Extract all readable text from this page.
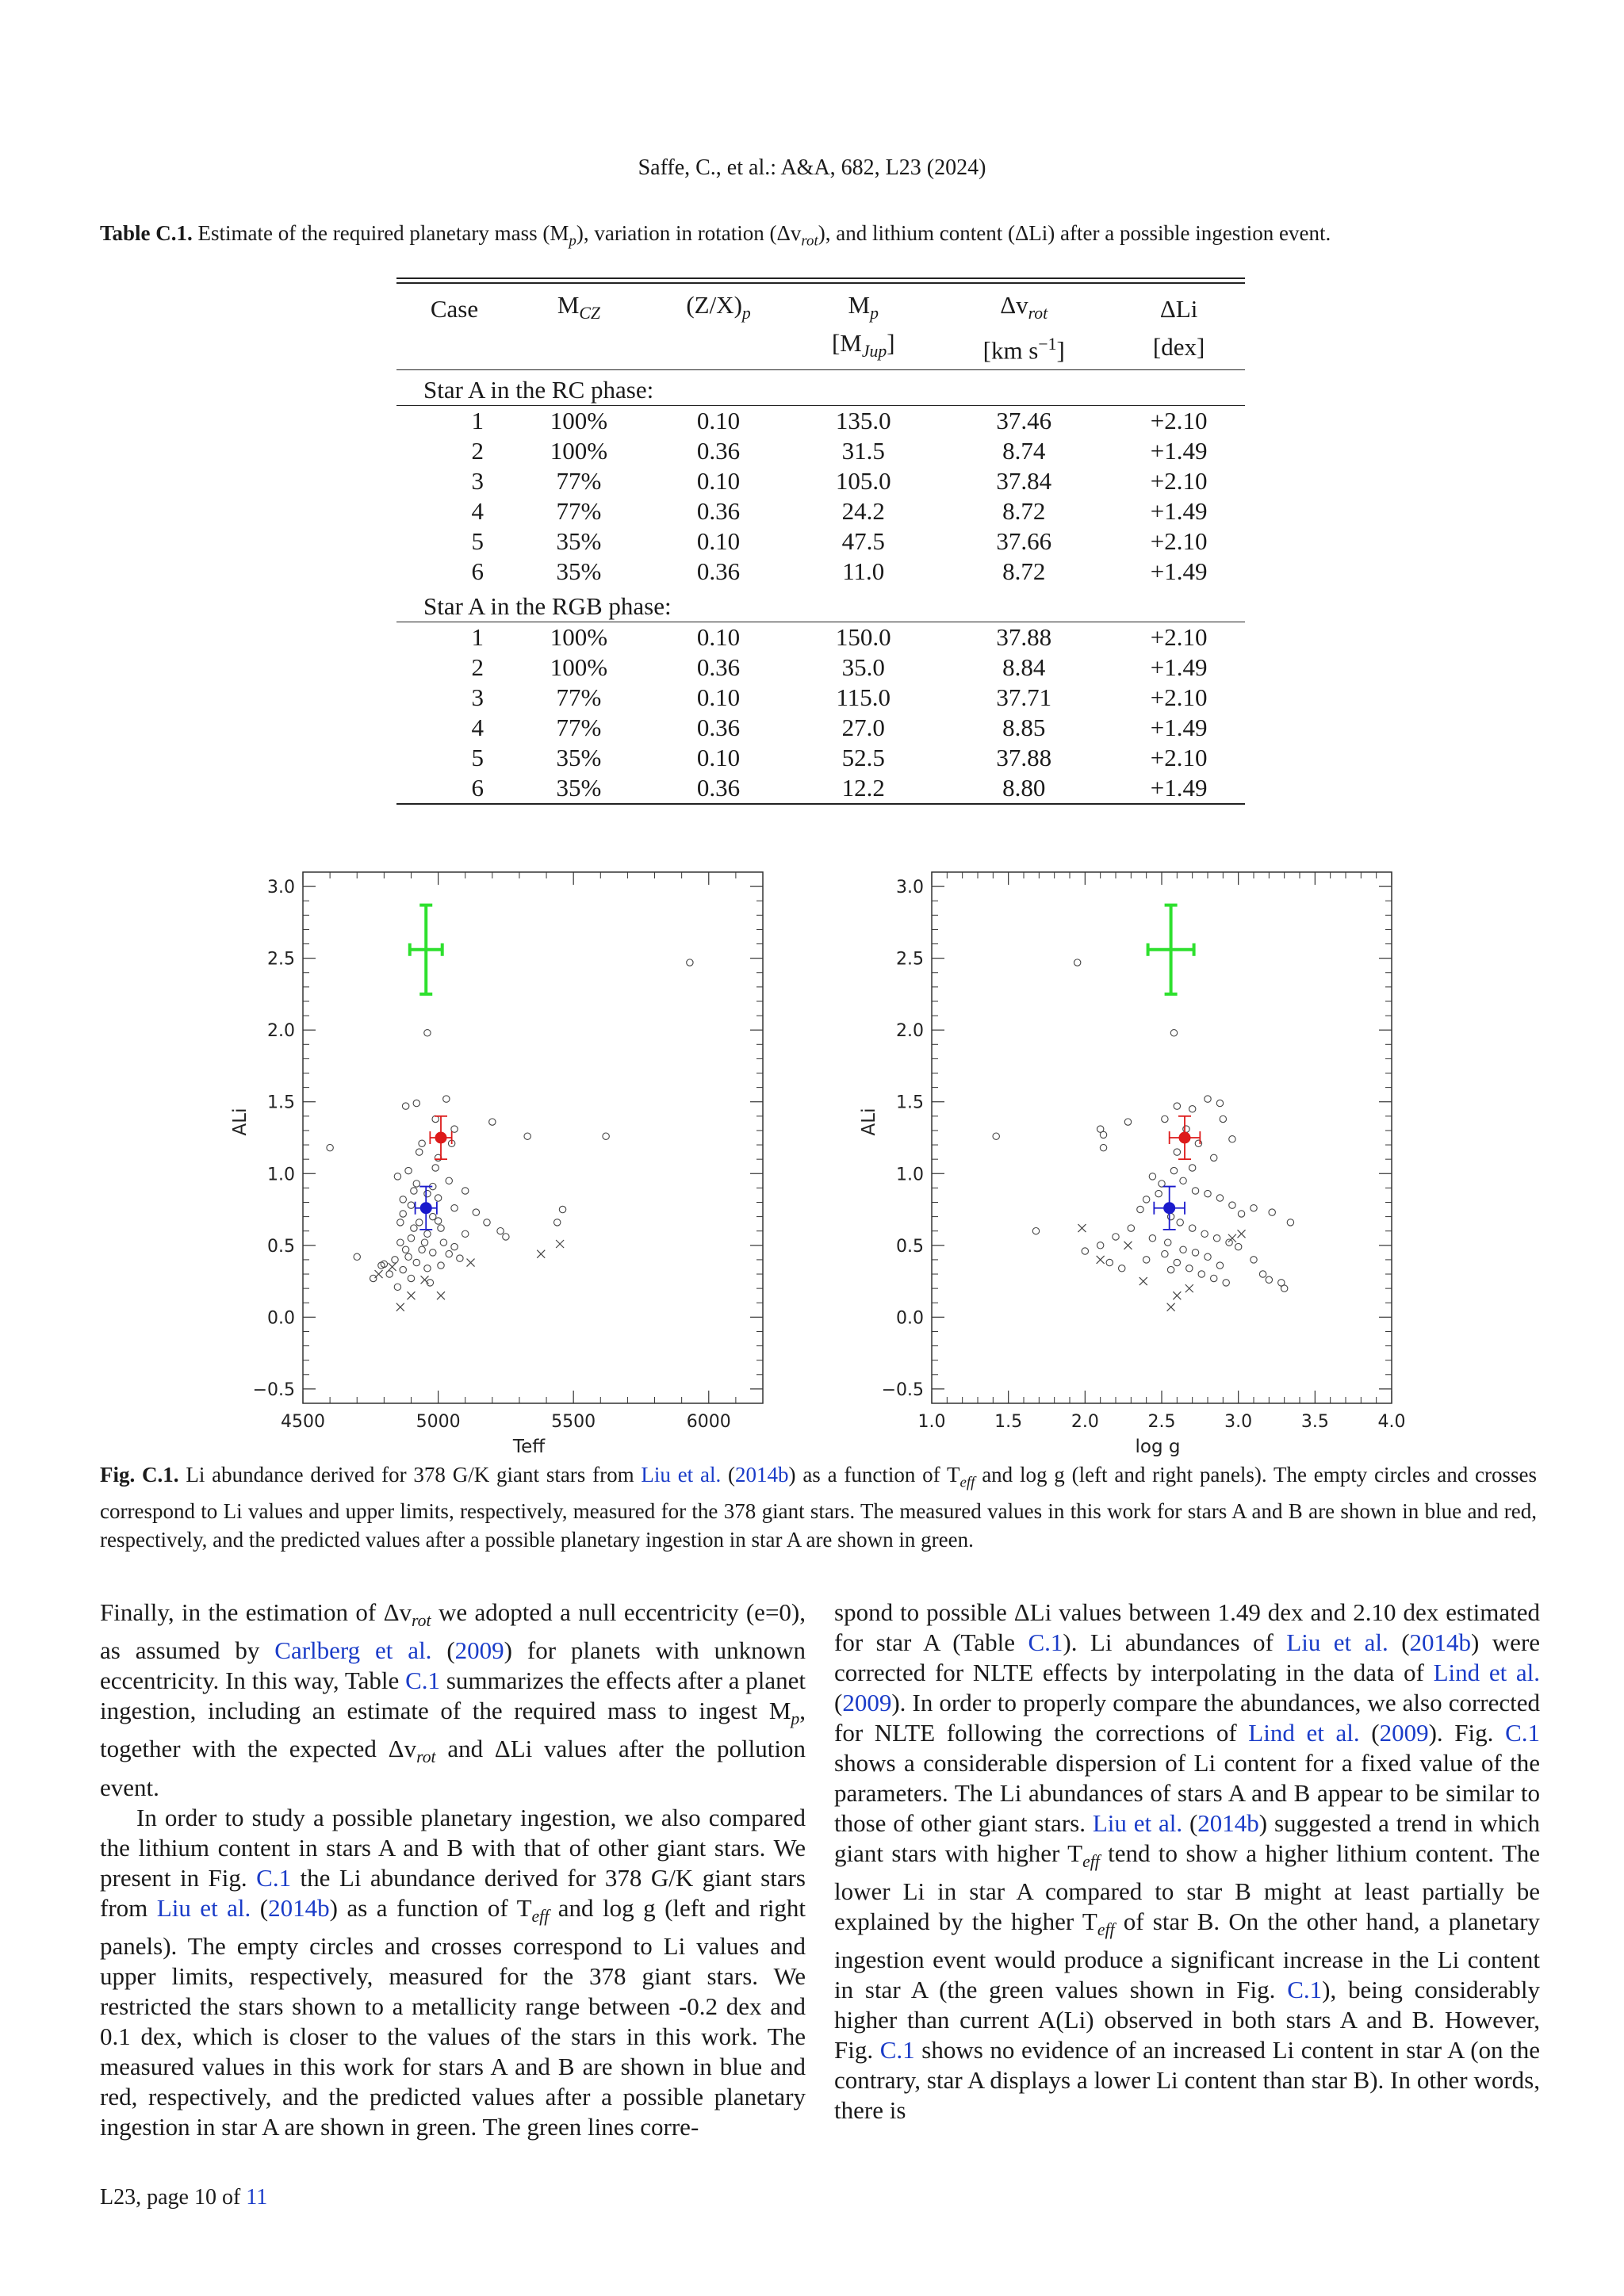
Saffe, C., et al.: A&A, 682, L23 (2024)
Table C.1. Estimate of the required planetary mass $(M_p)$, variation in rotation $(\Delta v_{rot})$, and lithium content (ΔLi) after a possible ingestion event.

Case	$M_{CZ}$	$(Z/X)_p$	$M_p$	$\Delta v_{rot}$	ΔLi
			$[M_{Jup}]$	[km $s^{-1}$]	[dex]
Star A in the RC phase:					

1	100%	0.10	135.0	37.46	+2.10
2	100%	0.36	31.5	8.74	+1.49
3	77%	0.10	105.0	37.84	+2.10
4	77%	0.36	24.2	8.72	+1.49
5	35%	0.10	47.5	37.66	+2.10
6	35%	0.36	11.0	8.72	+1.49
Star A in the RGB phase:					

1	100%	0.10	150.0	37.88	+2.10
2	100%	0.36	35.0	8.84	+1.49
3	77%	0.10	115.0	37.71	+2.10
4	77%	0.36	27.0	8.85	+1.49
5	35%	0.10	52.5	37.88	+2.10
6	35%	0.36	12.2	8.80	+1.49
−0.5
0.0
0.5
1.0
1.5
2.0
2.5
3.0
4500	5000	5500	6000
Teff
ALi
−0.5
0.0
0.5
1.0
1.5
2.0
2.5
3.0
1.0	1.5	2.0	2.5	3.0	3.5	4.0
log g
ALi
Fig. C.1. Li abundance derived for 378 G/K giant stars from Liu et al. (2014b) as a function of $T_{eff}$ and log g (left and right panels). The empty circles and crosses correspond to Li values and upper limits, respectively, measured for the 378 giant stars. The measured values in this work for stars A and B are shown in blue and red, respectively, and the predicted values after a possible planetary ingestion in star A are shown in green.

Finally, in the estimation of $\Delta v_{rot}$ we adopted a null eccentricity (e=0), as assumed by Carlberg et al. (2009) for planets with unknown eccentricity. In this way, Table C.1 summarizes the effects after a planet ingestion, including an estimate of the required mass to ingest $M_p$, together with the expected $\Delta v_{rot}$ and ΔLi values after the pollution event.

In order to study a possible planetary ingestion, we also compared the lithium content in stars A and B with that of other giant stars. We present in Fig. C.1 the Li abundance derived for 378 G/K giant stars from Liu et al. (2014b) as a function of $T_{eff}$ and log g (left and right panels). The empty circles and crosses correspond to Li values and upper limits, respectively, measured for the 378 giant stars. We restricted the stars shown to a metallicity range between -0.2 dex and 0.1 dex, which is closer to the values of the stars in this work. The measured values in this work for stars A and B are shown in blue and red, respectively, and the predicted values after a possible planetary ingestion in star A are shown in green. The green lines corre-

spond to possible ΔLi values between 1.49 dex and 2.10 dex estimated for star A (Table C.1). Li abundances of Liu et al. (2014b) were corrected for NLTE effects by interpolating in the data of Lind et al. (2009). In order to properly compare the abundances, we also corrected for NLTE following the corrections of Lind et al. (2009). Fig. C.1 shows a considerable dispersion of Li content for a fixed value of the parameters. The Li abundances of stars A and B appear to be similar to those of other giant stars. Liu et al. (2014b) suggested a trend in which giant stars with higher $T_{eff}$ tend to show a higher lithium content. The lower Li in star A compared to star B might at least partially be explained by the higher $T_{eff}$ of star B. On the other hand, a planetary ingestion event would produce a significant increase in the Li content in star A (the green values shown in Fig. C.1), being considerably higher than current A(Li) observed in both stars A and B. However, Fig. C.1 shows no evidence of an increased Li content in star A (on the contrary, star A displays a lower Li content than star B). In other words, there is

L23, page 10 of 11
